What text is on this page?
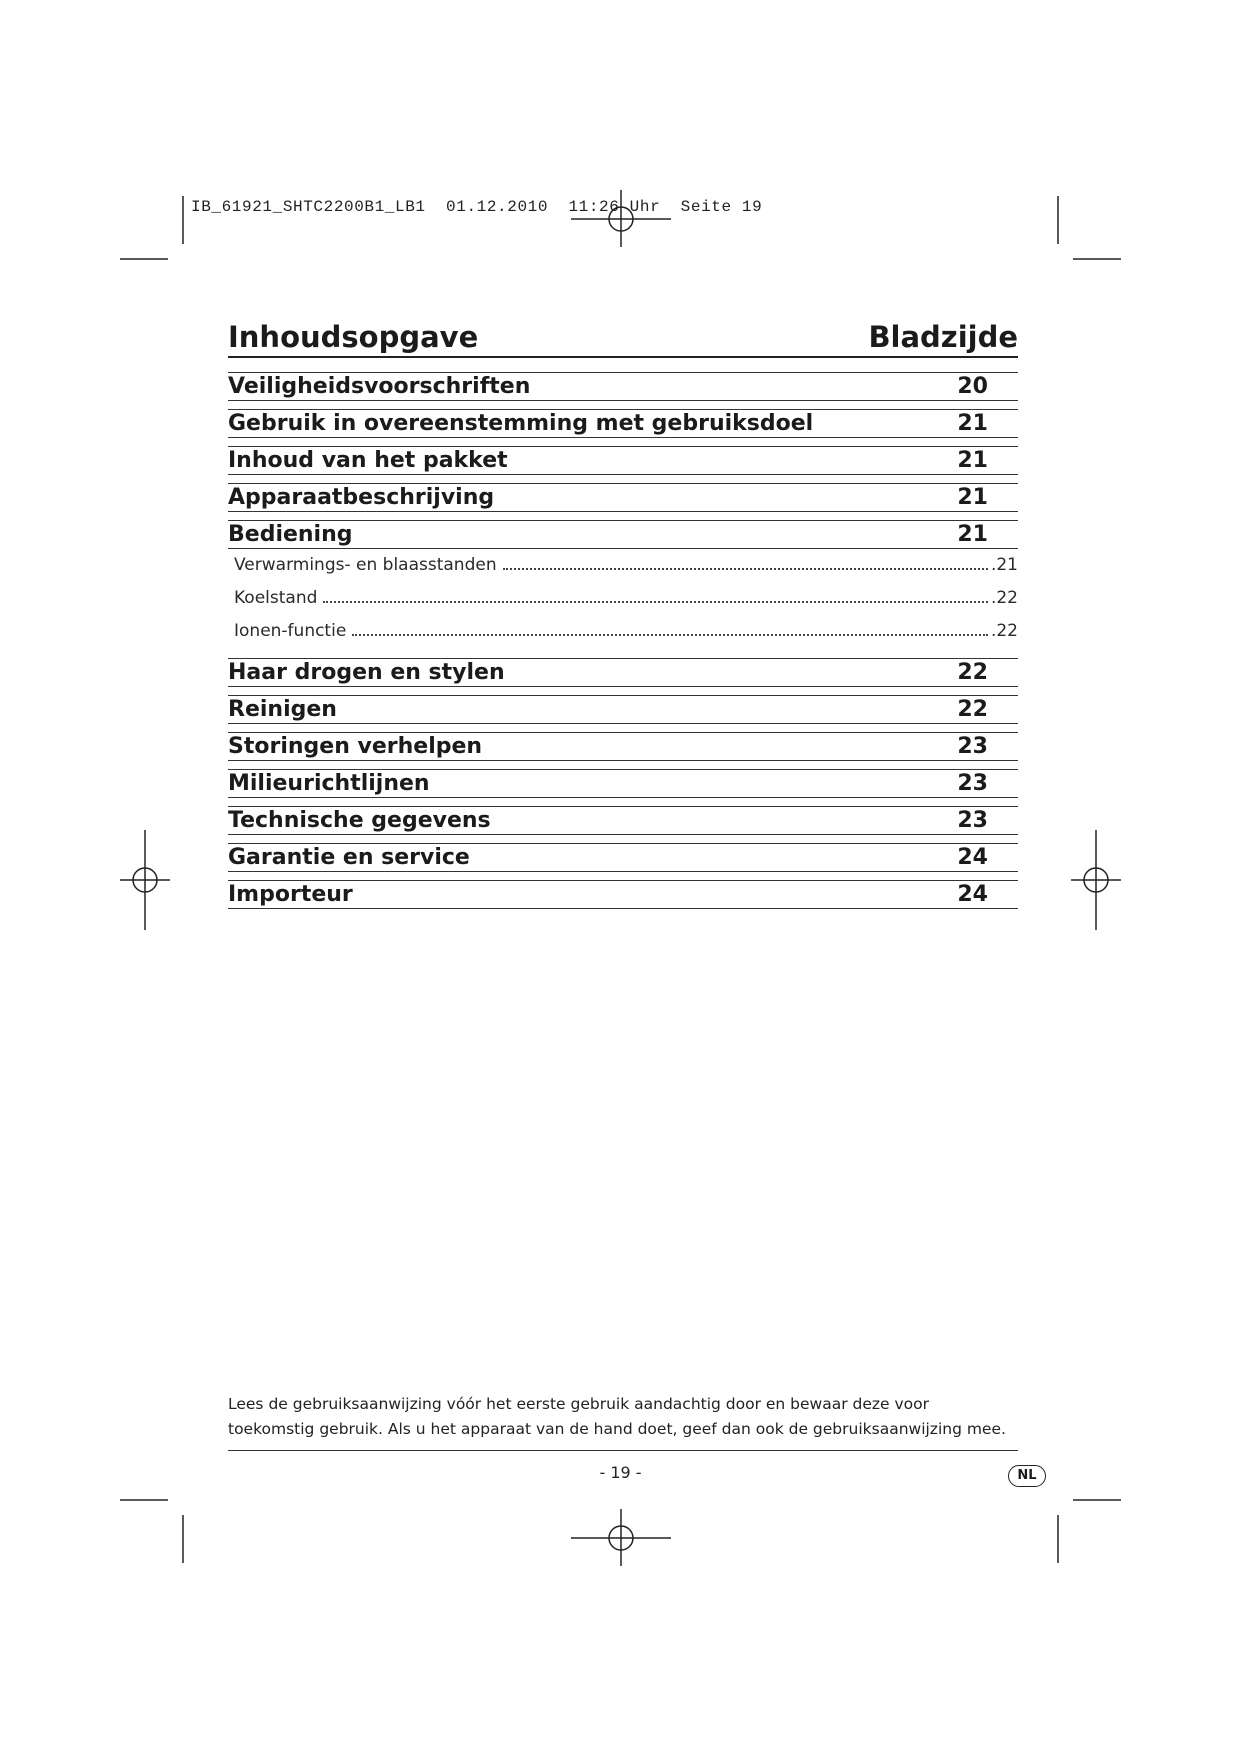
IB_61921_SHTC2200B1_LB1  01.12.2010  11:26 Uhr  Seite 19
Inhoudsopgave	Bladzijde
Veiligheidsvoorschriften	20
Gebruik in overeenstemming met gebruiksdoel	21
Inhoud van het pakket	21
Apparaatbeschrijving	21
Bediening	21
Verwarmings- en blaasstanden	.21
Koelstand	.22
Ionen-functie	.22
Haar drogen en stylen	22
Reinigen	22
Storingen verhelpen	23
Milieurichtlijnen	23
Technische gegevens	23
Garantie en service	24
Importeur	24
Lees de gebruiksaanwijzing vóór het eerste gebruik aandachtig door en bewaar deze voor toekomstig gebruik. Als u het apparaat van de hand doet, geef dan ook de gebruiksaanwijzing mee.
- 19 -	NL
